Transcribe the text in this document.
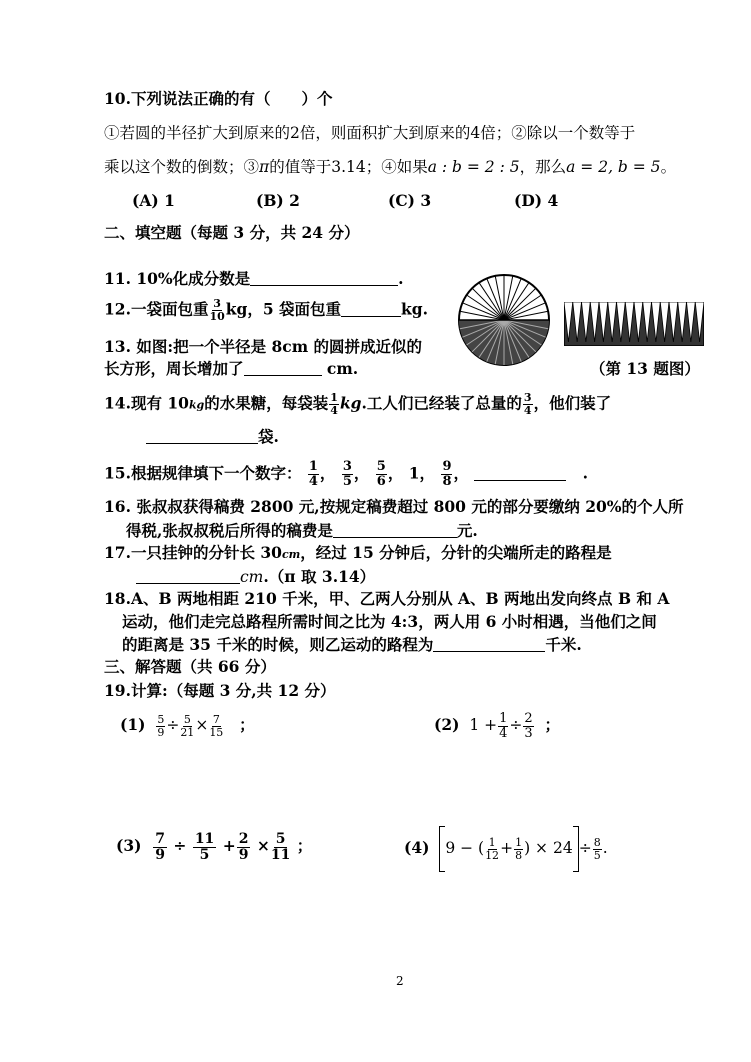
10.下列说法正确的有（　　）个
①若圆的半径扩大到原来的2倍，则面积扩大到原来的4倍；②除以一个数等于
乘以这个数的倒数；③π的值等于3.14；④如果a : b = 2 : 5，那么a = 2, b = 5。
(A) 1	(B) 2	(C) 3	(D) 4
二、填空题（每题 3 分，共 24 分）
11. 10%化成分数是	.
12.一袋面包重 $\frac{3}{10}$ kg，5 袋面包重	kg.
13. 如图:把一个半径是 8cm 的圆拼成近似的
长方形，周长增加了	cm.	（第 13 题图）
14.现有 10kg的水果糖，每袋装 $\frac{1}{4}$ kg.工人们已经装了总量的 $\frac{3}{4}$ ，他们装了
袋.
15.根据规律填下一个数字： $\frac{1}{4}$ ， $\frac{3}{5}$ ， $\frac{5}{6}$ ， 1， $\frac{9}{8}$ ，	.
16. 张叔叔获得稿费 2800 元,按规定稿费超过 800 元的部分要缴纳 20%的个人所
得税,张叔叔税后所得的稿费是	元.
17.一只挂钟的分针长 30cm，经过 15 分钟后，分针的尖端所走的路程是
cm.（π 取 3.14）
18.A、B 两地相距 210 千米，甲、乙两人分别从 A、B 两地出发向终点 B 和 A
运动，他们走完总路程所需时间之比为 4:3，两人用 6 小时相遇，当他们之间
的距离是 35 千米的时候，则乙运动的路程为	千米.
三、解答题（共 66 分）
19.计算:（每题 3 分,共 12 分）
$(1) \frac{5}{9} \div \frac{5}{21} \times \frac{7}{15}$ ；	(2) $1 + \frac{1}{4} \div \frac{2}{3}$ ；
$(3) \frac{7}{9} \div \frac{11}{5} + \frac{2}{9} \times \frac{5}{11}$ ；	(4) 9 − ( $\frac{1}{12} + \frac{1}{8}$ ) × $24 \div \frac{8}{5}$ .
2
